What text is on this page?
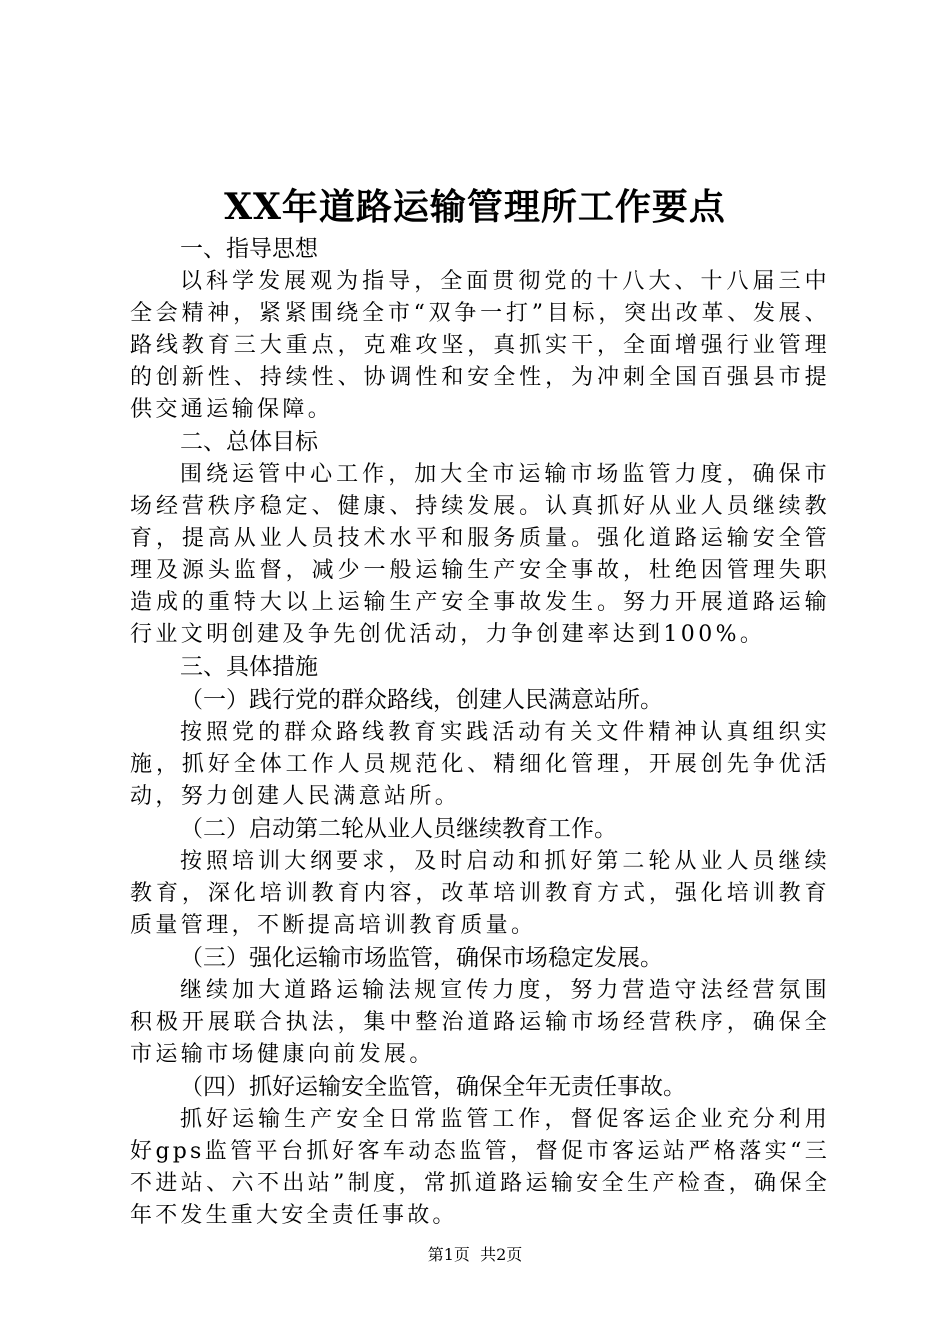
XX年道路运输管理所工作要点
一、指导思想

以科学发展观为指导，全面贯彻党的十八大、十八届三中全会精神，紧紧围绕全市“双争一打”目标，突出改革、发展、路线教育三大重点，克难攻坚，真抓实干，全面增强行业管理的创新性、持续性、协调性和安全性，为冲刺全国百强县市提供交通运输保障。

二、总体目标

围绕运管中心工作，加大全市运输市场监管力度，确保市场经营秩序稳定、健康、持续发展。认真抓好从业人员继续教育，提高从业人员技术水平和服务质量。强化道路运输安全管理及源头监督，减少一般运输生产安全事故，杜绝因管理失职造成的重特大以上运输生产安全事故发生。努力开展道路运输行业文明创建及争先创优活动，力争创建率达到100%。

三、具体措施
（一）践行党的群众路线，创建人民满意站所。

按照党的群众路线教育实践活动有关文件精神认真组织实施，抓好全体工作人员规范化、精细化管理，开展创先争优活动，努力创建人民满意站所。

（二）启动第二轮从业人员继续教育工作。

按照培训大纲要求，及时启动和抓好第二轮从业人员继续教育，深化培训教育内容，改革培训教育方式，强化培训教育质量管理，不断提高培训教育质量。

（三）强化运输市场监管，确保市场稳定发展。

继续加大道路运输法规宣传力度，努力营造守法经营氛围积极开展联合执法，集中整治道路运输市场经营秩序，确保全市运输市场健康向前发展。

（四）抓好运输安全监管，确保全年无责任事故。

抓好运输生产安全日常监管工作，督促客运企业充分利用好gps监管平台抓好客车动态监管，督促市客运站严格落实“三不进站、六不出站”制度，常抓道路运输安全生产检查，确保全年不发生重大安全责任事故。

第1页 共2页
